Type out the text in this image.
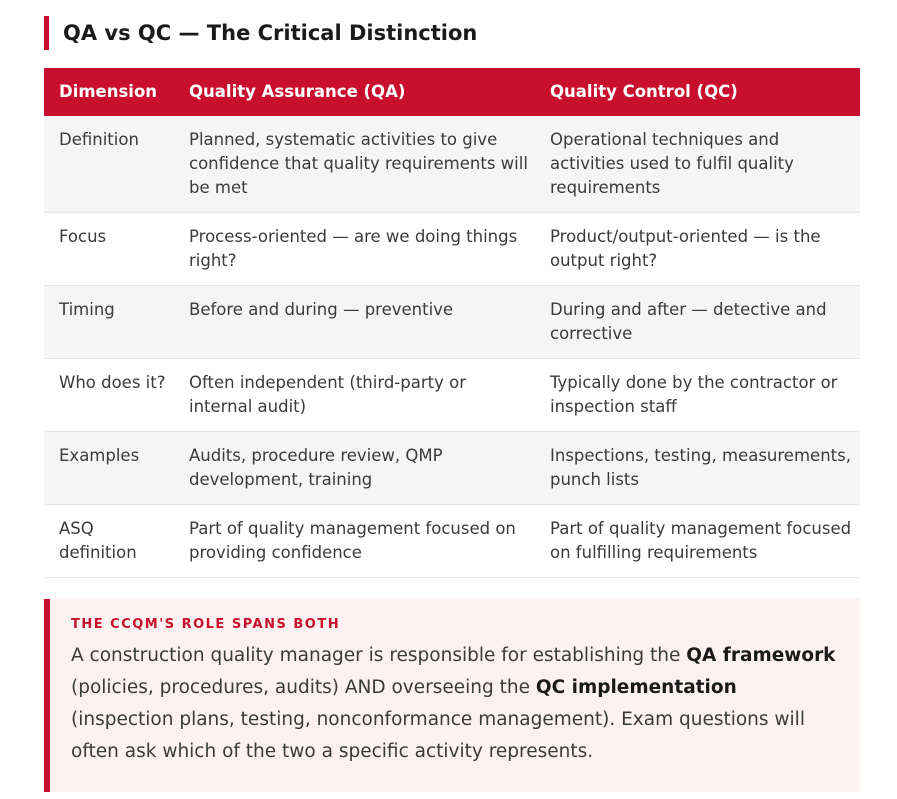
QA vs QC — The Critical Distinction
Dimension	Quality Assurance (QA)	Quality Control (QC)
Definition	Planned, systematic activities to give confidence that quality requirements will be met	Operational techniques and activities used to fulfil quality requirements
Focus	Process-oriented — are we doing things right?	Product/output-oriented — is the output right?
Timing	Before and during — preventive	During and after — detective and corrective
Who does it?	Often independent (third-party or internal audit)	Typically done by the contractor or inspection staff
Examples	Audits, procedure review, QMP development, training	Inspections, testing, measurements, punch lists
ASQ definition	Part of quality management focused on providing confidence	Part of quality management focused on fulfilling requirements
THE CCQM'S ROLE SPANS BOTH
A construction quality manager is responsible for establishing the QA framework (policies, procedures, audits) AND overseeing the QC implementation (inspection plans, testing, nonconformance management). Exam questions will often ask which of the two a specific activity represents.
